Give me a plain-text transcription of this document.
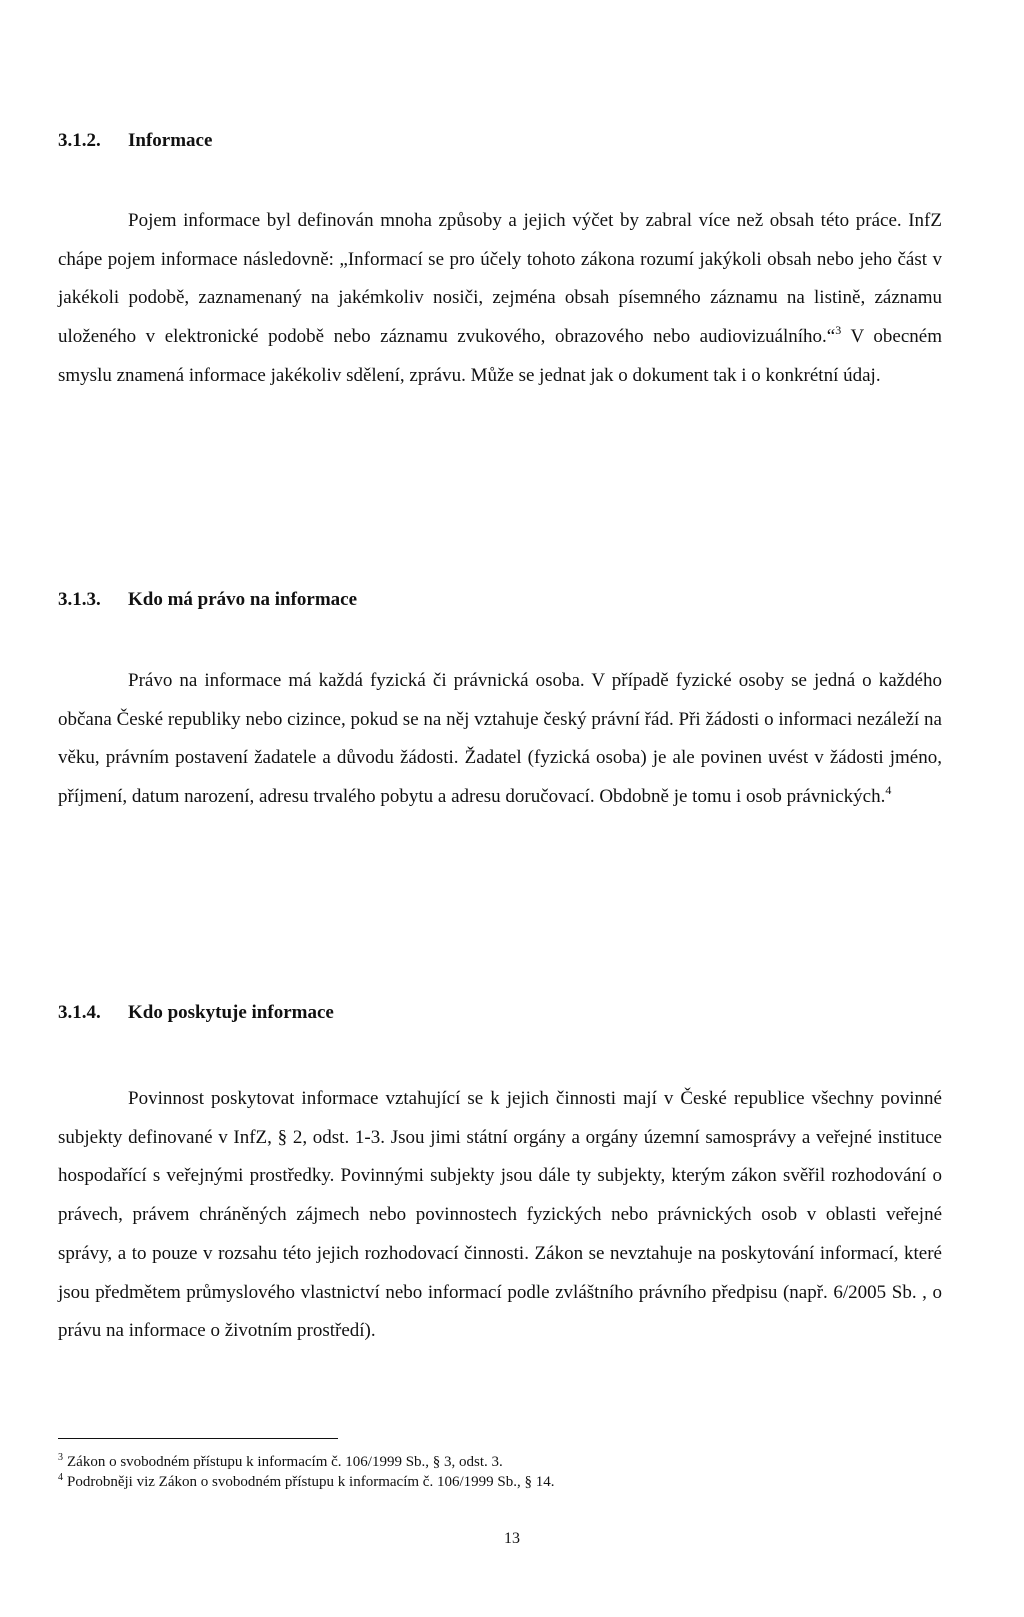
3.1.2. Informace

Pojem informace byl definován mnoha způsoby a jejich výčet by zabral více než obsah této práce. InfZ chápe pojem informace následovně: „Informací se pro účely tohoto zákona rozumí jakýkoli obsah nebo jeho část v jakékoli podobě, zaznamenaný na jakémkoliv nosiči, zejména obsah písemného záznamu na listině, záznamu uloženého v elektronické podobě nebo záznamu zvukového, obrazového nebo audiovizuálního.“$^3$ V obecném smyslu znamená informace jakékoliv sdělení, zprávu. Může se jednat jak o dokument tak i o konkrétní údaj.

3.1.3. Kdo má právo na informace

Právo na informace má každá fyzická či právnická osoba. V případě fyzické osoby se jedná o každého občana České republiky nebo cizince, pokud se na něj vztahuje český právní řád. Při žádosti o informaci nezáleží na věku, právním postavení žadatele a důvodu žádosti. Žadatel (fyzická osoba) je ale povinen uvést v žádosti jméno, příjmení, datum narození, adresu trvalého pobytu a adresu doručovací. Obdobně je tomu i osob právnických.$^4$

3.1.4. Kdo poskytuje informace

Povinnost poskytovat informace vztahující se k jejich činnosti mají v České republice všechny povinné subjekty definované v InfZ, § 2, odst. 1-3. Jsou jimi státní orgány a orgány územní samosprávy a veřejné instituce hospodařící s veřejnými prostředky. Povinnými subjekty jsou dále ty subjekty, kterým zákon svěřil rozhodování o právech, právem chráněných zájmech nebo povinnostech fyzických nebo právnických osob v oblasti veřejné správy, a to pouze v rozsahu této jejich rozhodovací činnosti. Zákon se nevztahuje na poskytování informací, které jsou předmětem průmyslového vlastnictví nebo informací podle zvláštního právního předpisu (např. 6/2005 Sb. , o právu na informace o životním prostředí).

$^3$ Zákon o svobodném přístupu k informacím č. 106/1999 Sb., § 3, odst. 3.

$^4$ Podrobněji viz Zákon o svobodném přístupu k informacím č. 106/1999 Sb., § 14.

13
